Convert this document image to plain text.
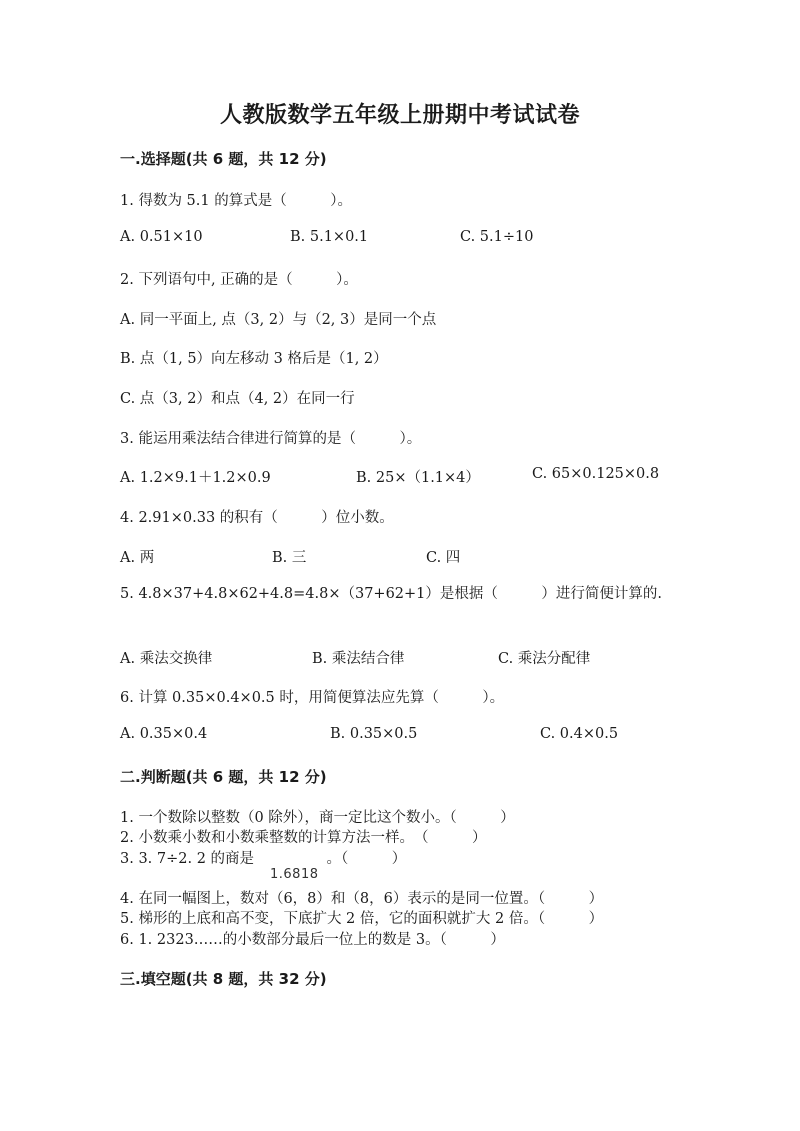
人教版数学五年级上册期中考试试卷
一.选择题(共 6 题，共 12 分)
1. 得数为 5.1 的算式是（　　　）。
A. 0.51×10	B. 5.1×0.1	C. 5.1÷10
2. 下列语句中, 正确的是（　　　）。
A. 同一平面上, 点（3, 2）与（2, 3）是同一个点
B. 点（1, 5）向左移动 3 格后是（1, 2）
C. 点（3, 2）和点（4, 2）在同一行
3. 能运用乘法结合律进行简算的是（　　　）。
A. 1.2×9.1＋1.2×0.9	B. 25×（1.1×4）	C. 65×0.125×0.8
4. 2.91×0.33 的积有（　　　）位小数。
A. 两	B. 三	C. 四
5. 4.8×37+4.8×62+4.8=4.8×（37+62+1）是根据（　　　）进行简便计算的.
A. 乘法交换律	B. 乘法结合律	C. 乘法分配律
6. 计算 0.35×0.4×0.5 时，用简便算法应先算（　　　）。
A. 0.35×0.4	B. 0.35×0.5	C. 0.4×0.5
二.判断题(共 6 题，共 12 分)
1. 一个数除以整数（0 除外），商一定比这个数小。（　　　）
2. 小数乘小数和小数乘整数的计算方法一样。　（　　　）
3. 3. 7÷2. 2 的商是　　　　　。（　　　）
1.6818
4. 在同一幅图上，数对（6，8）和（8，6）表示的是同一位置。（　　　）
5. 梯形的上底和高不变，下底扩大 2 倍，它的面积就扩大 2 倍。（　　　）
6. 1. 2323……的小数部分最后一位上的数是 3。（　　　）
三.填空题(共 8 题，共 32 分)
